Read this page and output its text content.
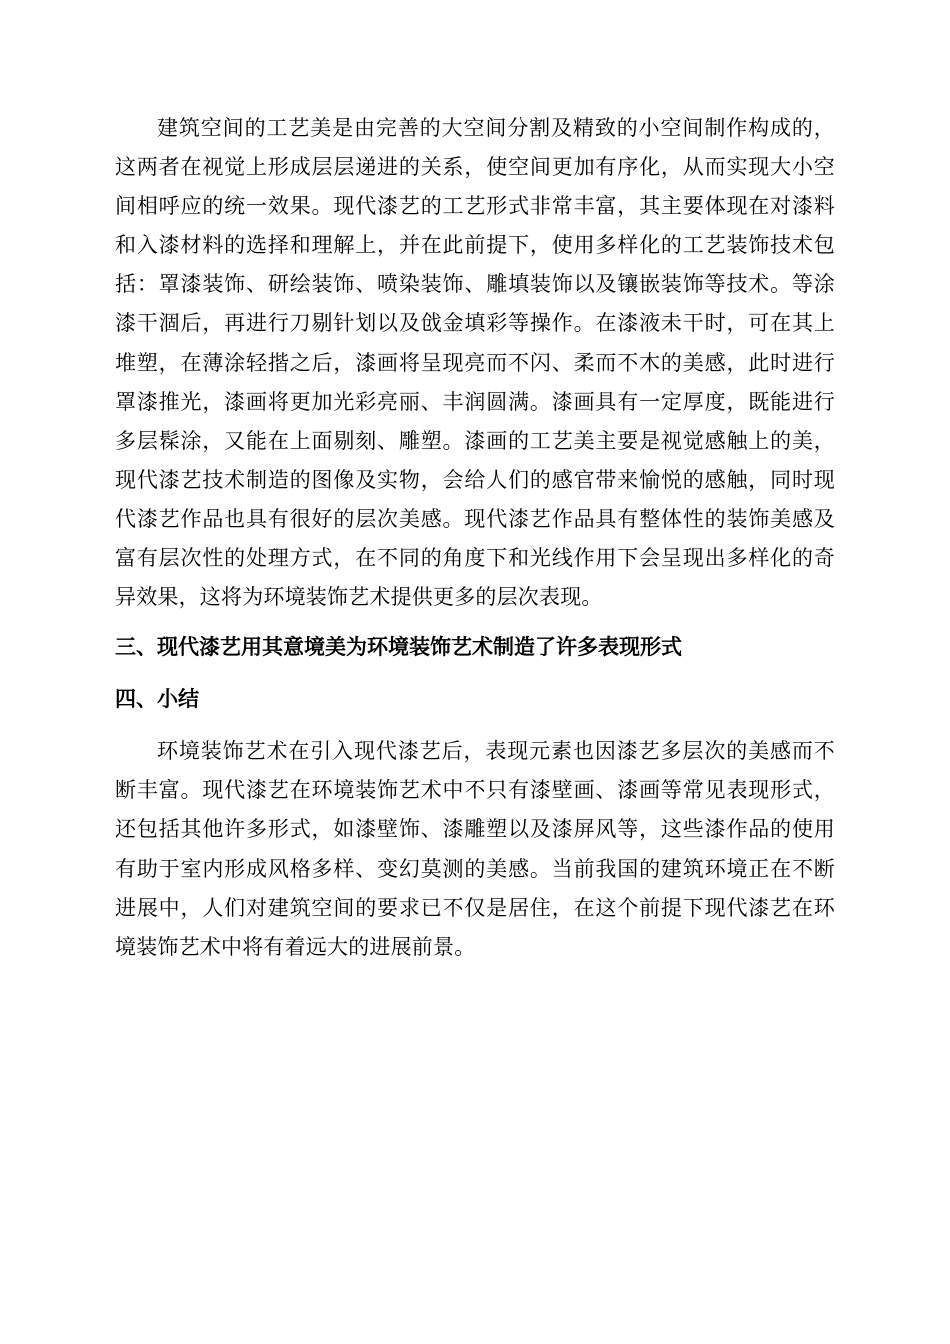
建筑空间的工艺美是由完善的大空间分割及精致的小空间制作构成的，这两者在视觉上形成层层递进的关系，使空间更加有序化，从而实现大小空间相呼应的统一效果。现代漆艺的工艺形式非常丰富，其主要体现在对漆料和入漆材料的选择和理解上，并在此前提下，使用多样化的工艺装饰技术包括：罩漆装饰、研绘装饰、喷染装饰、雕填装饰以及镶嵌装饰等技术。等涂漆干涸后，再进行刀剔针划以及戗金填彩等操作。在漆液未干时，可在其上堆塑，在薄涂轻揩之后，漆画将呈现亮而不闪、柔而不木的美感，此时进行罩漆推光，漆画将更加光彩亮丽、丰润圆满。漆画具有一定厚度，既能进行多层髹涂，又能在上面剔刻、雕塑。漆画的工艺美主要是视觉感触上的美，现代漆艺技术制造的图像及实物，会给人们的感官带来愉悦的感触，同时现代漆艺作品也具有很好的层次美感。现代漆艺作品具有整体性的装饰美感及富有层次性的处理方式，在不同的角度下和光线作用下会呈现出多样化的奇异效果，这将为环境装饰艺术提供更多的层次表现。

三、现代漆艺用其意境美为环境装饰艺术制造了许多表现形式
四、小结

环境装饰艺术在引入现代漆艺后，表现元素也因漆艺多层次的美感而不断丰富。现代漆艺在环境装饰艺术中不只有漆壁画、漆画等常见表现形式，还包括其他许多形式，如漆壁饰、漆雕塑以及漆屏风等，这些漆作品的使用有助于室内形成风格多样、变幻莫测的美感。当前我国的建筑环境正在不断进展中，人们对建筑空间的要求已不仅是居住，在这个前提下现代漆艺在环境装饰艺术中将有着远大的进展前景。
